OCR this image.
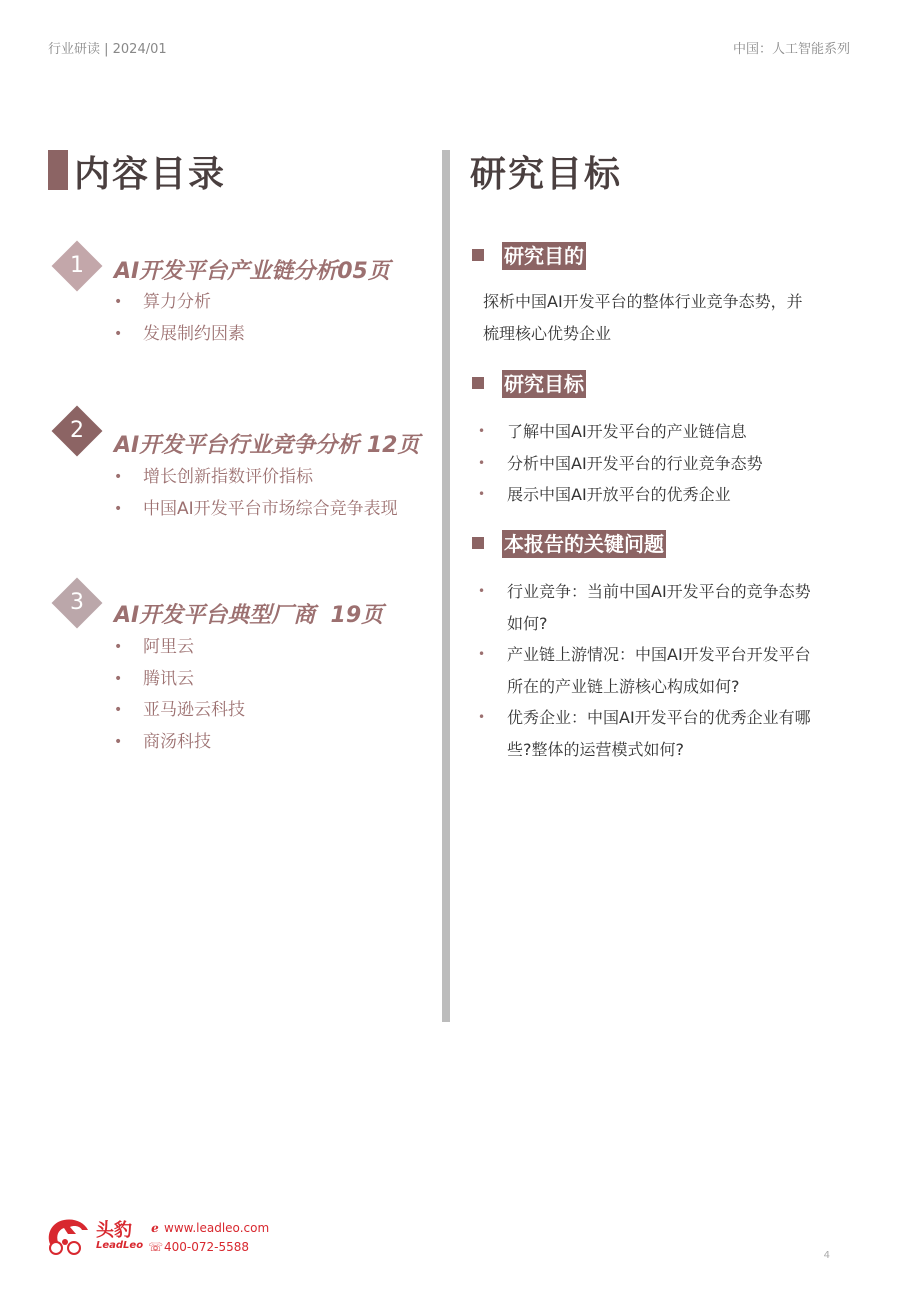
行业研读 | 2024/01	中国：人工智能系列
内容目录
1	AI开发平台产业链分析05页
• 算力分析
• 发展制约因素
2
AI开发平台行业竞争分析 12页
• 增长创新指数评价指标
• 中国AI开发平台市场综合竞争表现
3
AI开发平台典型厂商  19页
• 阿里云
• 腾讯云
• 亚马逊云科技
• 商汤科技
研究目标
研究目的
探析中国AI开发平台的整体行业竞争态势，并
梳理核心优势企业
研究目标
• 了解中国AI开发平台的产业链信息
• 分析中国AI开发平台的行业竞争态势
• 展示中国AI开放平台的优秀企业
本报告的关键问题
• 行业竞争：当前中国AI开发平台的竞争态势
如何?
• 产业链上游情况：中国AI开发平台开发平台
所在的产业链上游核心构成如何?
• 优秀企业：中国AI开发平台的优秀企业有哪
些?整体的运营模式如何?
头豹
LeadLeo
ℯ www.leadleo.com
☏400-072-5588
4
